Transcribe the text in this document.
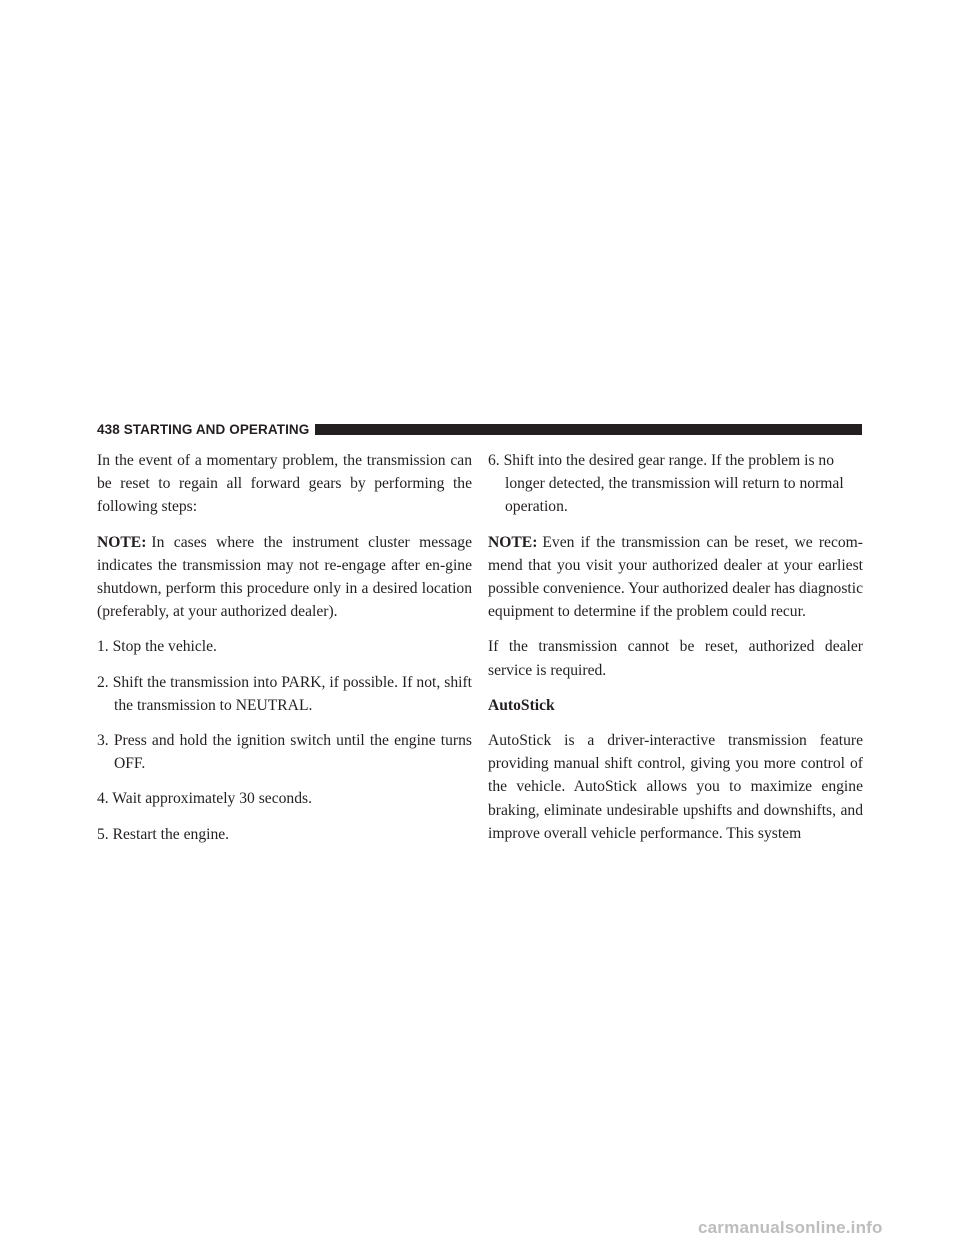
438 STARTING AND OPERATING

In the event of a momentary problem, the transmission can be reset to regain all forward gears by performing the following steps:

NOTE: In cases where the instrument cluster message indicates the transmission may not re-engage after en-gine shutdown, perform this procedure only in a desired location (preferably, at your authorized dealer).

1. Stop the vehicle.

2. Shift the transmission into PARK, if possible. If not, shift the transmission to NEUTRAL.

3. Press and hold the ignition switch until the engine turns OFF.

4. Wait approximately 30 seconds.

5. Restart the engine.

6. Shift into the desired gear range. If the problem is no longer detected, the transmission will return to normal operation.

NOTE: Even if the transmission can be reset, we recom-mend that you visit your authorized dealer at your earliest possible convenience. Your authorized dealer has diagnostic equipment to determine if the problem could recur.

If the transmission cannot be reset, authorized dealer service is required.

AutoStick

AutoStick is a driver-interactive transmission feature providing manual shift control, giving you more control of the vehicle. AutoStick allows you to maximize engine braking, eliminate undesirable upshifts and downshifts, and improve overall vehicle performance. This system

carmanualsonline.info
